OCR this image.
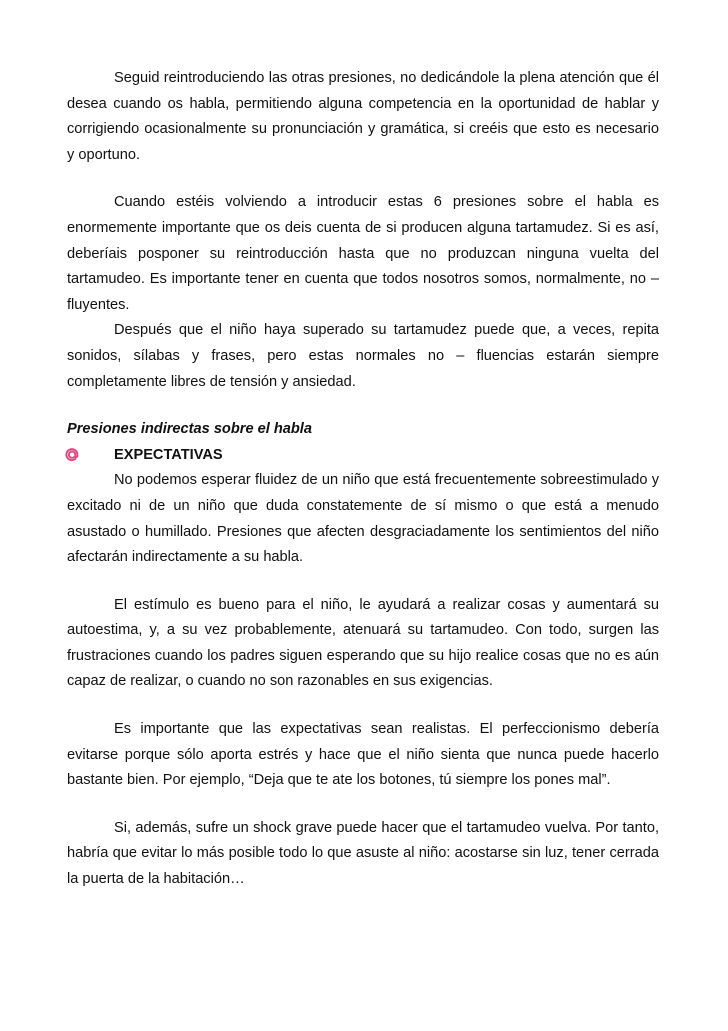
Seguid reintroduciendo las otras presiones, no dedicándole la plena atención que él desea cuando os habla, permitiendo alguna competencia en la oportunidad de hablar y corrigiendo ocasionalmente su pronunciación y gramática, si creéis que esto es necesario y oportuno.

Cuando estéis volviendo a introducir estas 6 presiones sobre el habla es enormemente importante que os deis cuenta de si producen alguna tartamudez. Si es así, deberíais posponer su reintroducción hasta que no produzcan ninguna vuelta del tartamudeo. Es importante tener en cuenta que todos nosotros somos, normalmente, no – fluyentes.

Después que el niño haya superado su tartamudez puede que, a veces, repita sonidos, sílabas y frases, pero estas normales no – fluencias estarán siempre completamente libres de tensión y ansiedad.

Presiones indirectas sobre el habla
EXPECTATIVAS

No podemos esperar fluidez de un niño que está frecuentemente sobreestimulado y excitado ni de un niño que duda constatemente de sí mismo o que está a menudo asustado o humillado. Presiones que afecten desgraciadamente los sentimientos del niño afectarán indirectamente a su habla.

El estímulo es bueno para el niño, le ayudará a realizar cosas y aumentará su autoestima, y, a su vez probablemente, atenuará su tartamudeo. Con todo, surgen las frustraciones cuando los padres siguen esperando que su hijo realice cosas que no es aún capaz de realizar, o cuando no son razonables en sus exigencias.

Es importante que las expectativas sean realistas. El perfeccionismo debería evitarse porque sólo aporta estrés y hace que el niño sienta que nunca puede hacerlo bastante bien. Por ejemplo, “Deja que te ate los botones, tú siempre los pones mal”.

Si, además, sufre un shock grave puede hacer que el tartamudeo vuelva. Por tanto, habría que evitar lo más posible todo lo que asuste al niño: acostarse sin luz, tener cerrada la puerta de la habitación…
